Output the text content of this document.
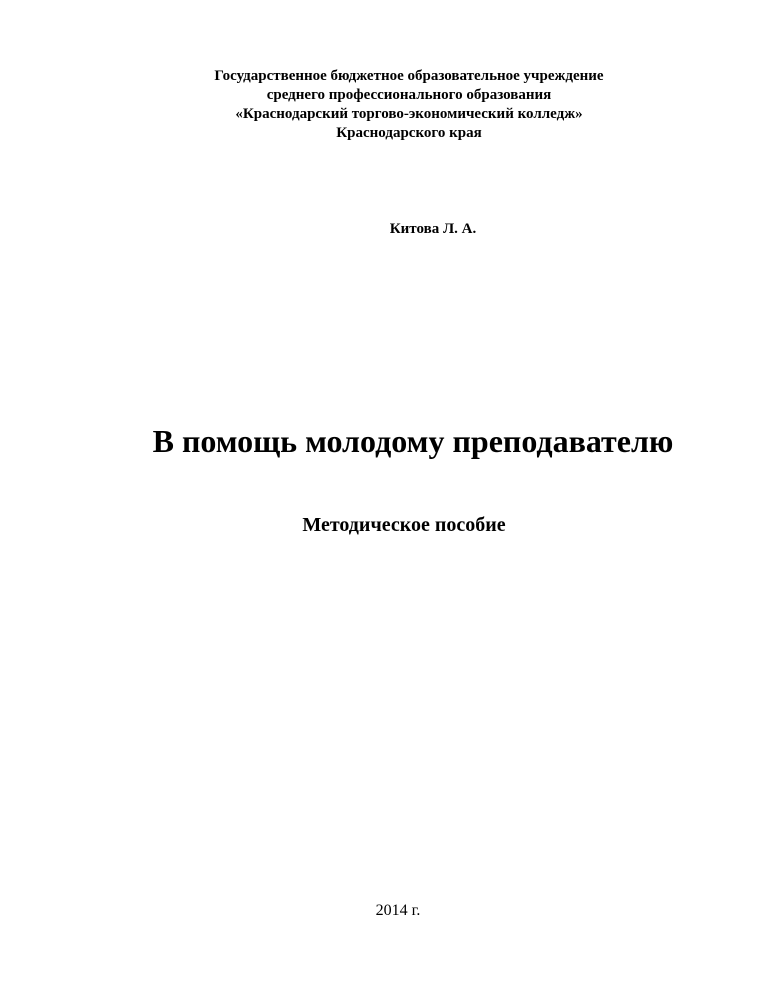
Государственное бюджетное образовательное учреждение
среднего профессионального образования
«Краснодарский торгово-экономический колледж»
Краснодарского края
Китова Л. А.
В помощь молодому преподавателю
Методическое пособие
2014 г.
